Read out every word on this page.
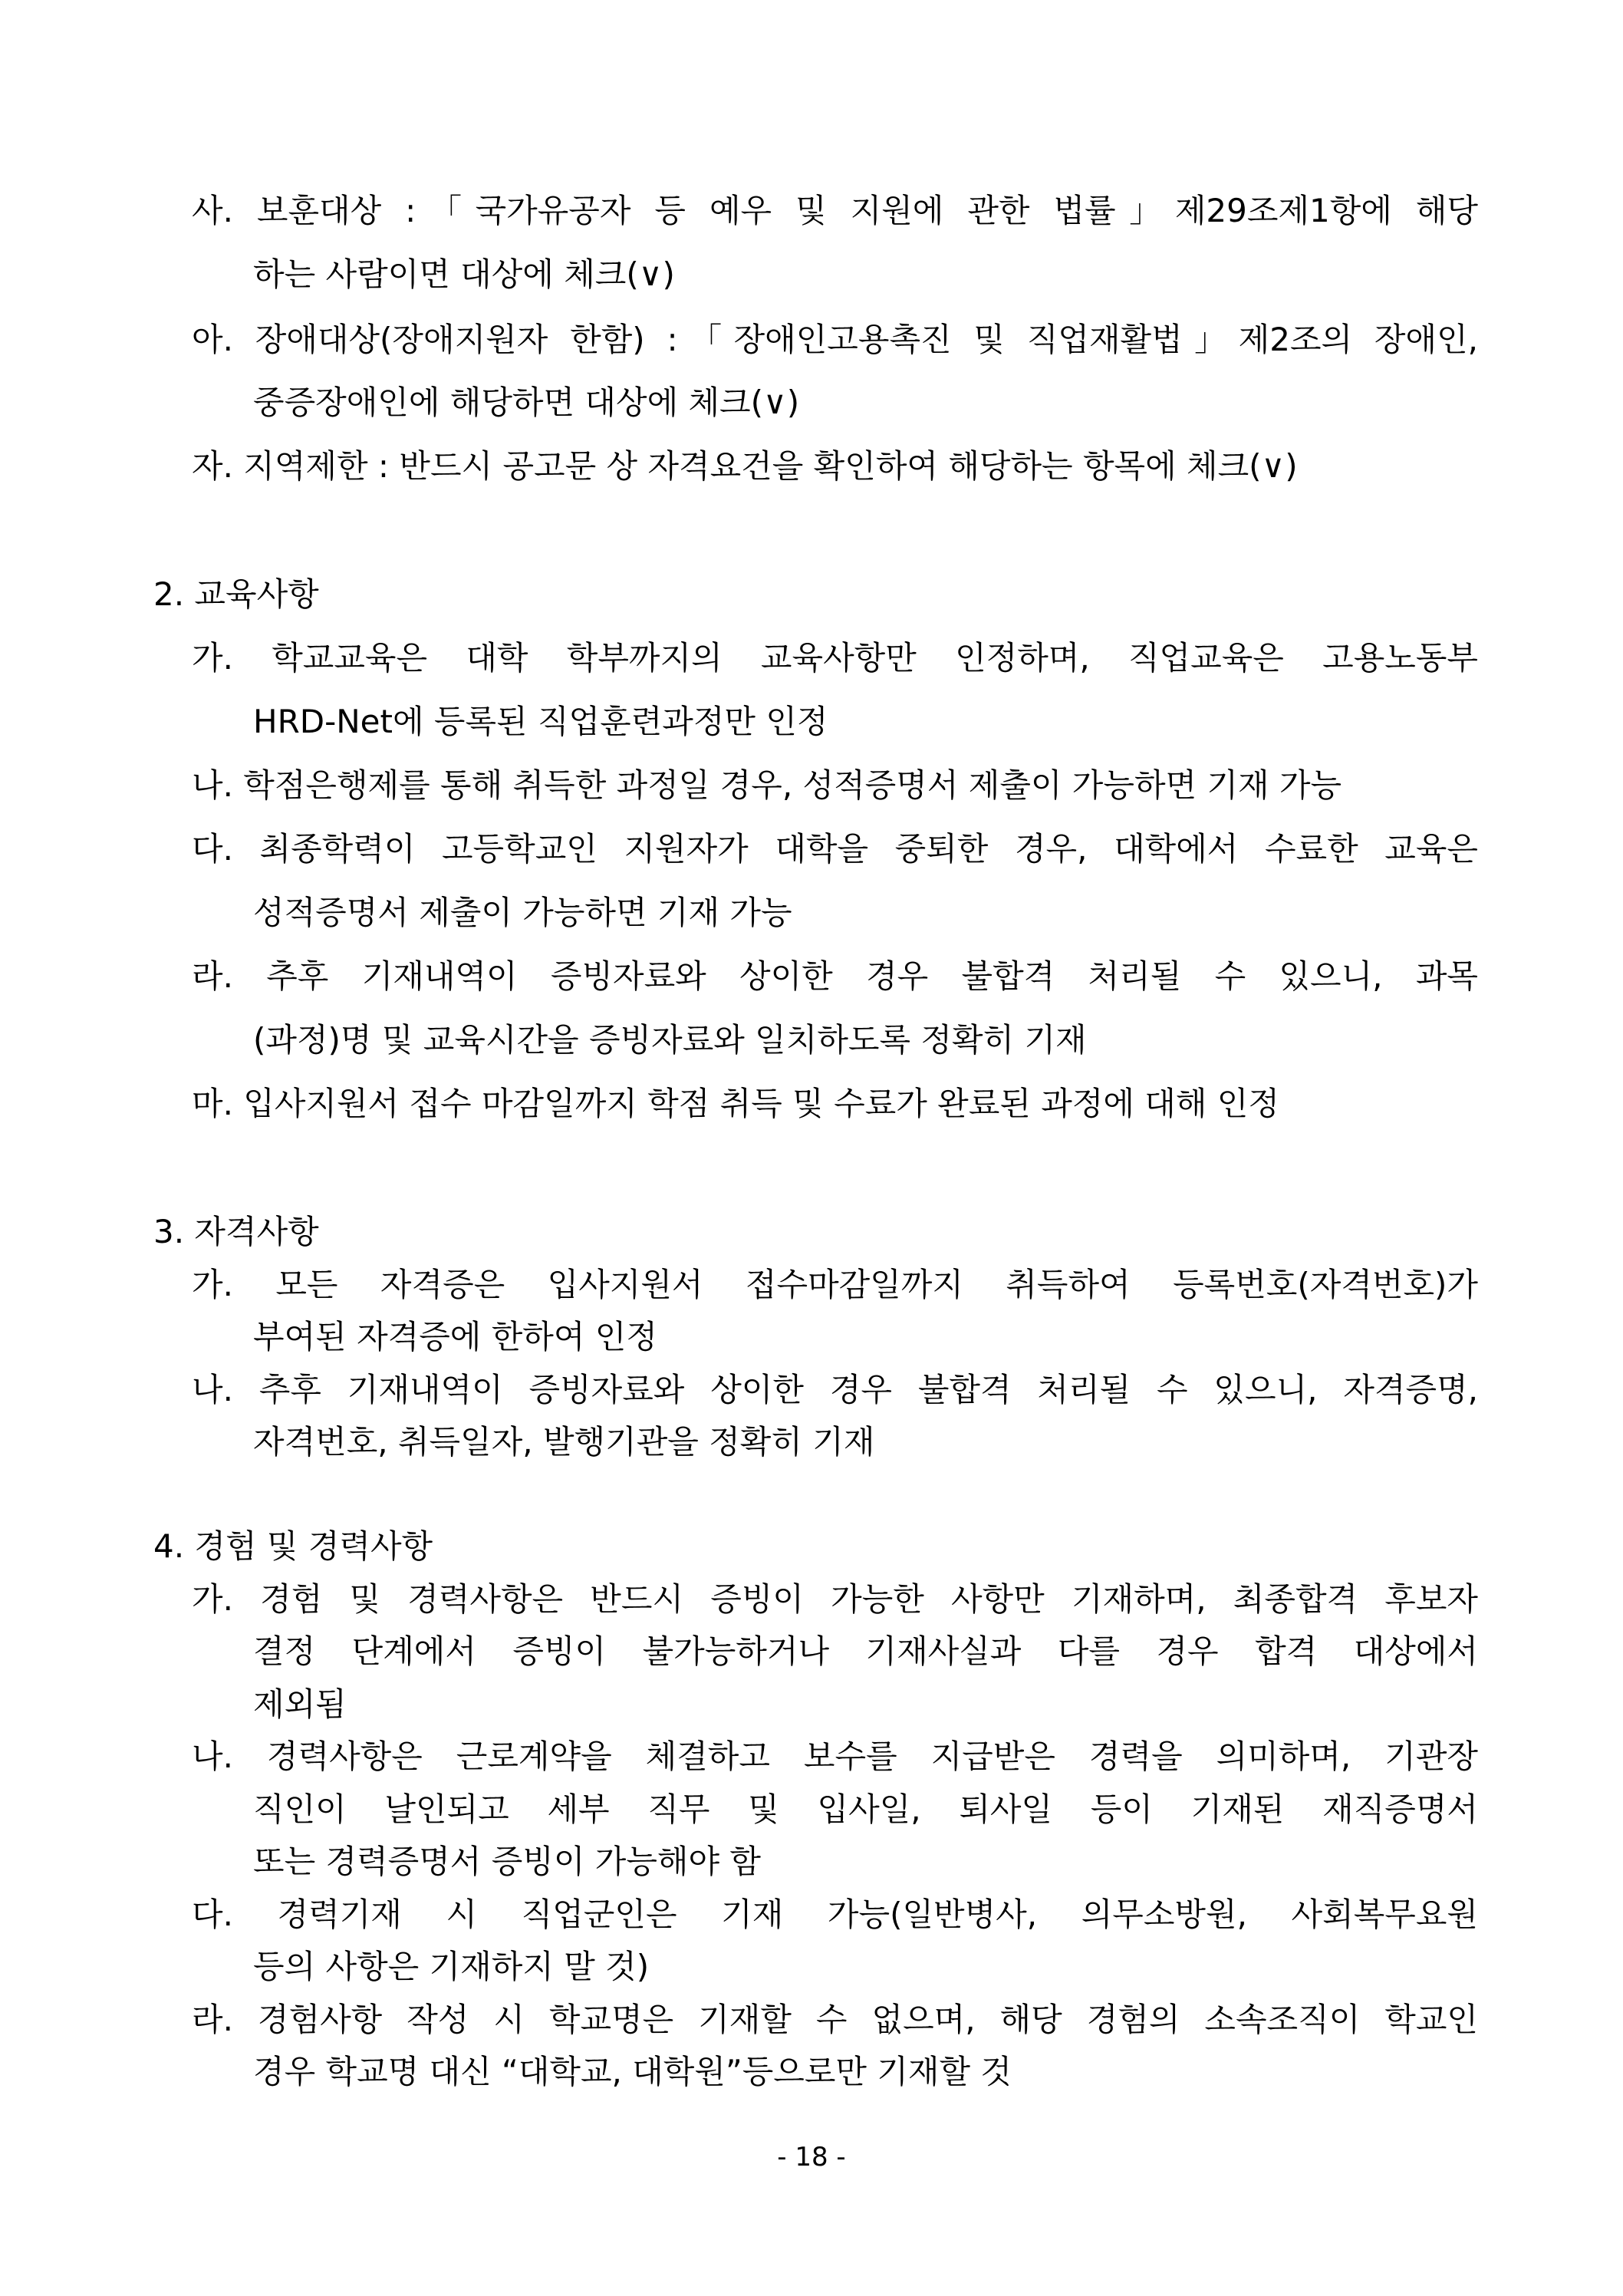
사. 보훈대상 :「국가유공자 등 예우 및 지원에 관한 법률」제29조제1항에 해당
하는 사람이면 대상에 체크(∨)
아. 장애대상(장애지원자 한함) :「장애인고용촉진 및 직업재활법」제2조의 장애인,
중증장애인에 해당하면 대상에 체크(∨)
자. 지역제한 : 반드시 공고문 상 자격요건을 확인하여 해당하는 항목에 체크(∨)
2. 교육사항
가. 학교교육은 대학 학부까지의 교육사항만 인정하며, 직업교육은 고용노동부
HRD-Net에 등록된 직업훈련과정만 인정
나. 학점은행제를 통해 취득한 과정일 경우, 성적증명서 제출이 가능하면 기재 가능
다. 최종학력이 고등학교인 지원자가 대학을 중퇴한 경우, 대학에서 수료한 교육은
성적증명서 제출이 가능하면 기재 가능
라. 추후 기재내역이 증빙자료와 상이한 경우 불합격 처리될 수 있으니, 과목
(과정)명 및 교육시간을 증빙자료와 일치하도록 정확히 기재
마. 입사지원서 접수 마감일까지 학점 취득 및 수료가 완료된 과정에 대해 인정
3. 자격사항
가. 모든 자격증은 입사지원서 접수마감일까지 취득하여 등록번호(자격번호)가
부여된 자격증에 한하여 인정
나. 추후 기재내역이 증빙자료와 상이한 경우 불합격 처리될 수 있으니, 자격증명,
자격번호, 취득일자, 발행기관을 정확히 기재
4. 경험 및 경력사항
가. 경험 및 경력사항은 반드시 증빙이 가능한 사항만 기재하며, 최종합격 후보자
결정 단계에서 증빙이 불가능하거나 기재사실과 다를 경우 합격 대상에서
제외됨
나. 경력사항은 근로계약을 체결하고 보수를 지급받은 경력을 의미하며, 기관장
직인이 날인되고 세부 직무 및 입사일, 퇴사일 등이 기재된 재직증명서
또는 경력증명서 증빙이 가능해야 함
다. 경력기재 시 직업군인은 기재 가능(일반병사, 의무소방원, 사회복무요원
등의 사항은 기재하지 말 것)
라. 경험사항 작성 시 학교명은 기재할 수 없으며, 해당 경험의 소속조직이 학교인
경우 학교명 대신 “대학교, 대학원”등으로만 기재할 것
- 18 -
